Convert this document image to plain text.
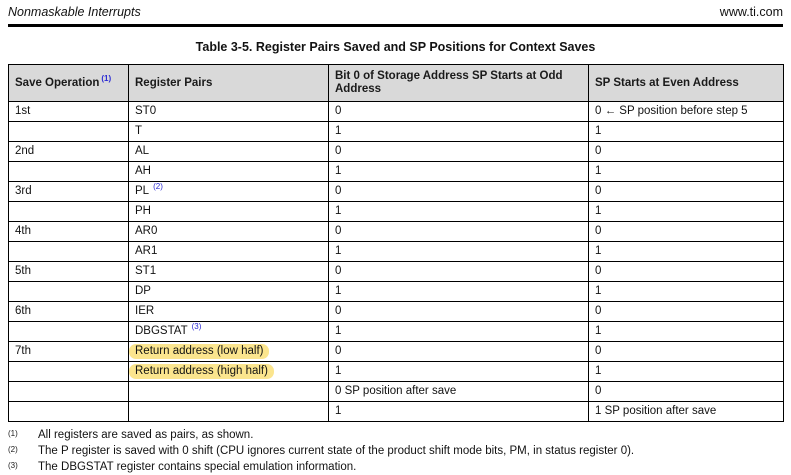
Nonmaskable Interrupts	www.ti.com
Table 3-5. Register Pairs Saved and SP Positions for Context Saves
Save Operation $^{(1)}$	Register Pairs	Bit 0 of Storage Address SP Starts at Odd Address	SP Starts at Even Address
1st	ST0	0	0 ← SP position before step 5
	T	1	1
2nd	AL	0	0
	AH	1	1
3rd	PL $^{(2)}$	0	0
	PH	1	1
4th	AR0	0	0
	AR1	1	1
5th	ST1	0	0
	DP	1	1
6th	IER	0	0
	DBGSTAT $^{(3)}$	1	1
7th	Return address (low half)	0	0
	Return address (high half)	1	1
		0 SP position after save	0
		1	1 SP position after save
(1)	All registers are saved as pairs, as shown.
(2)	The P register is saved with 0 shift (CPU ignores current state of the product shift mode bits, PM, in status register 0).
(3)	The DBGSTAT register contains special emulation information.
